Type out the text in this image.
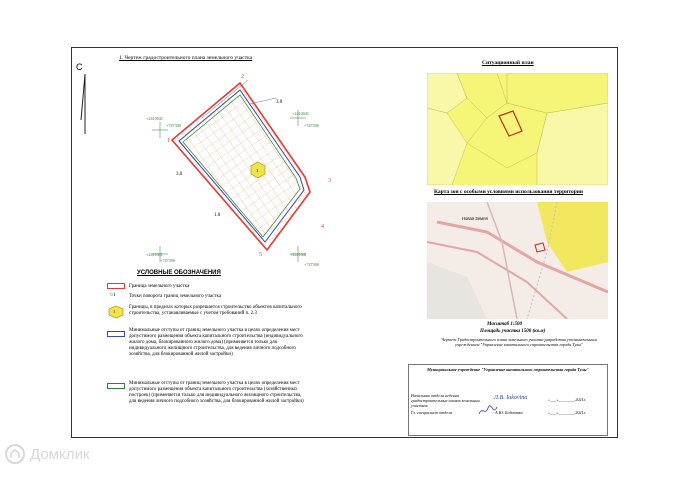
1. Чертеж градостроительного плана земельного участка
С
1
2
3
4
5
3.0
3.0
1.0
1
+2410041
+747300
+2410041
+747300
+2411041
+747300
+2411041
+747300
УСЛОВНЫЕ ОБОЗНАЧЕНИЯ
Граница земельного участка
○1	Точки поворота границ земельного участка
1
Границы, в пределах которых разрешается строительство объектов капитального строительства, устанавливаемые с учетом требований п. 2.3
Минимальные отступы от границ земельного участка в целях определения мест допустимого размещения объекта капитального строительства (индивидуального жилого дома, блокированного жилого дома) (применяется только для индивидуального жилищного строительства, для ведения личного подсобного хозяйства, для блокированной жилой застройки)
Минимальные отступы от границ земельного участка в целях определения мест допустимого размещения объекта капитального строительства (хозяйственных построек) (применяется только для индивидуального жилищного строительства, для ведения личного подсобного хозяйства, для блокированной жилой застройки)
Ситуационный план
Карта зон с особыми условиями использования территории
Новая Земля
Масштаб 1:500
Площадь участка 1500 (кв.м)
Чертеж Градостроительного плана земельного участка разработан уполномоченным учреждением "Управление капитального строительства города Тулы"
Муниципальное учреждение "Управление капитального строительства города Тулы"
Начальник отдела ведения градостроительных планов земельных участков
Л.В. Iakovina	«___»________2021г.
Гл. специалист отдела	А.Ю. Бойчатко	«___»________2021г.
Домклик
